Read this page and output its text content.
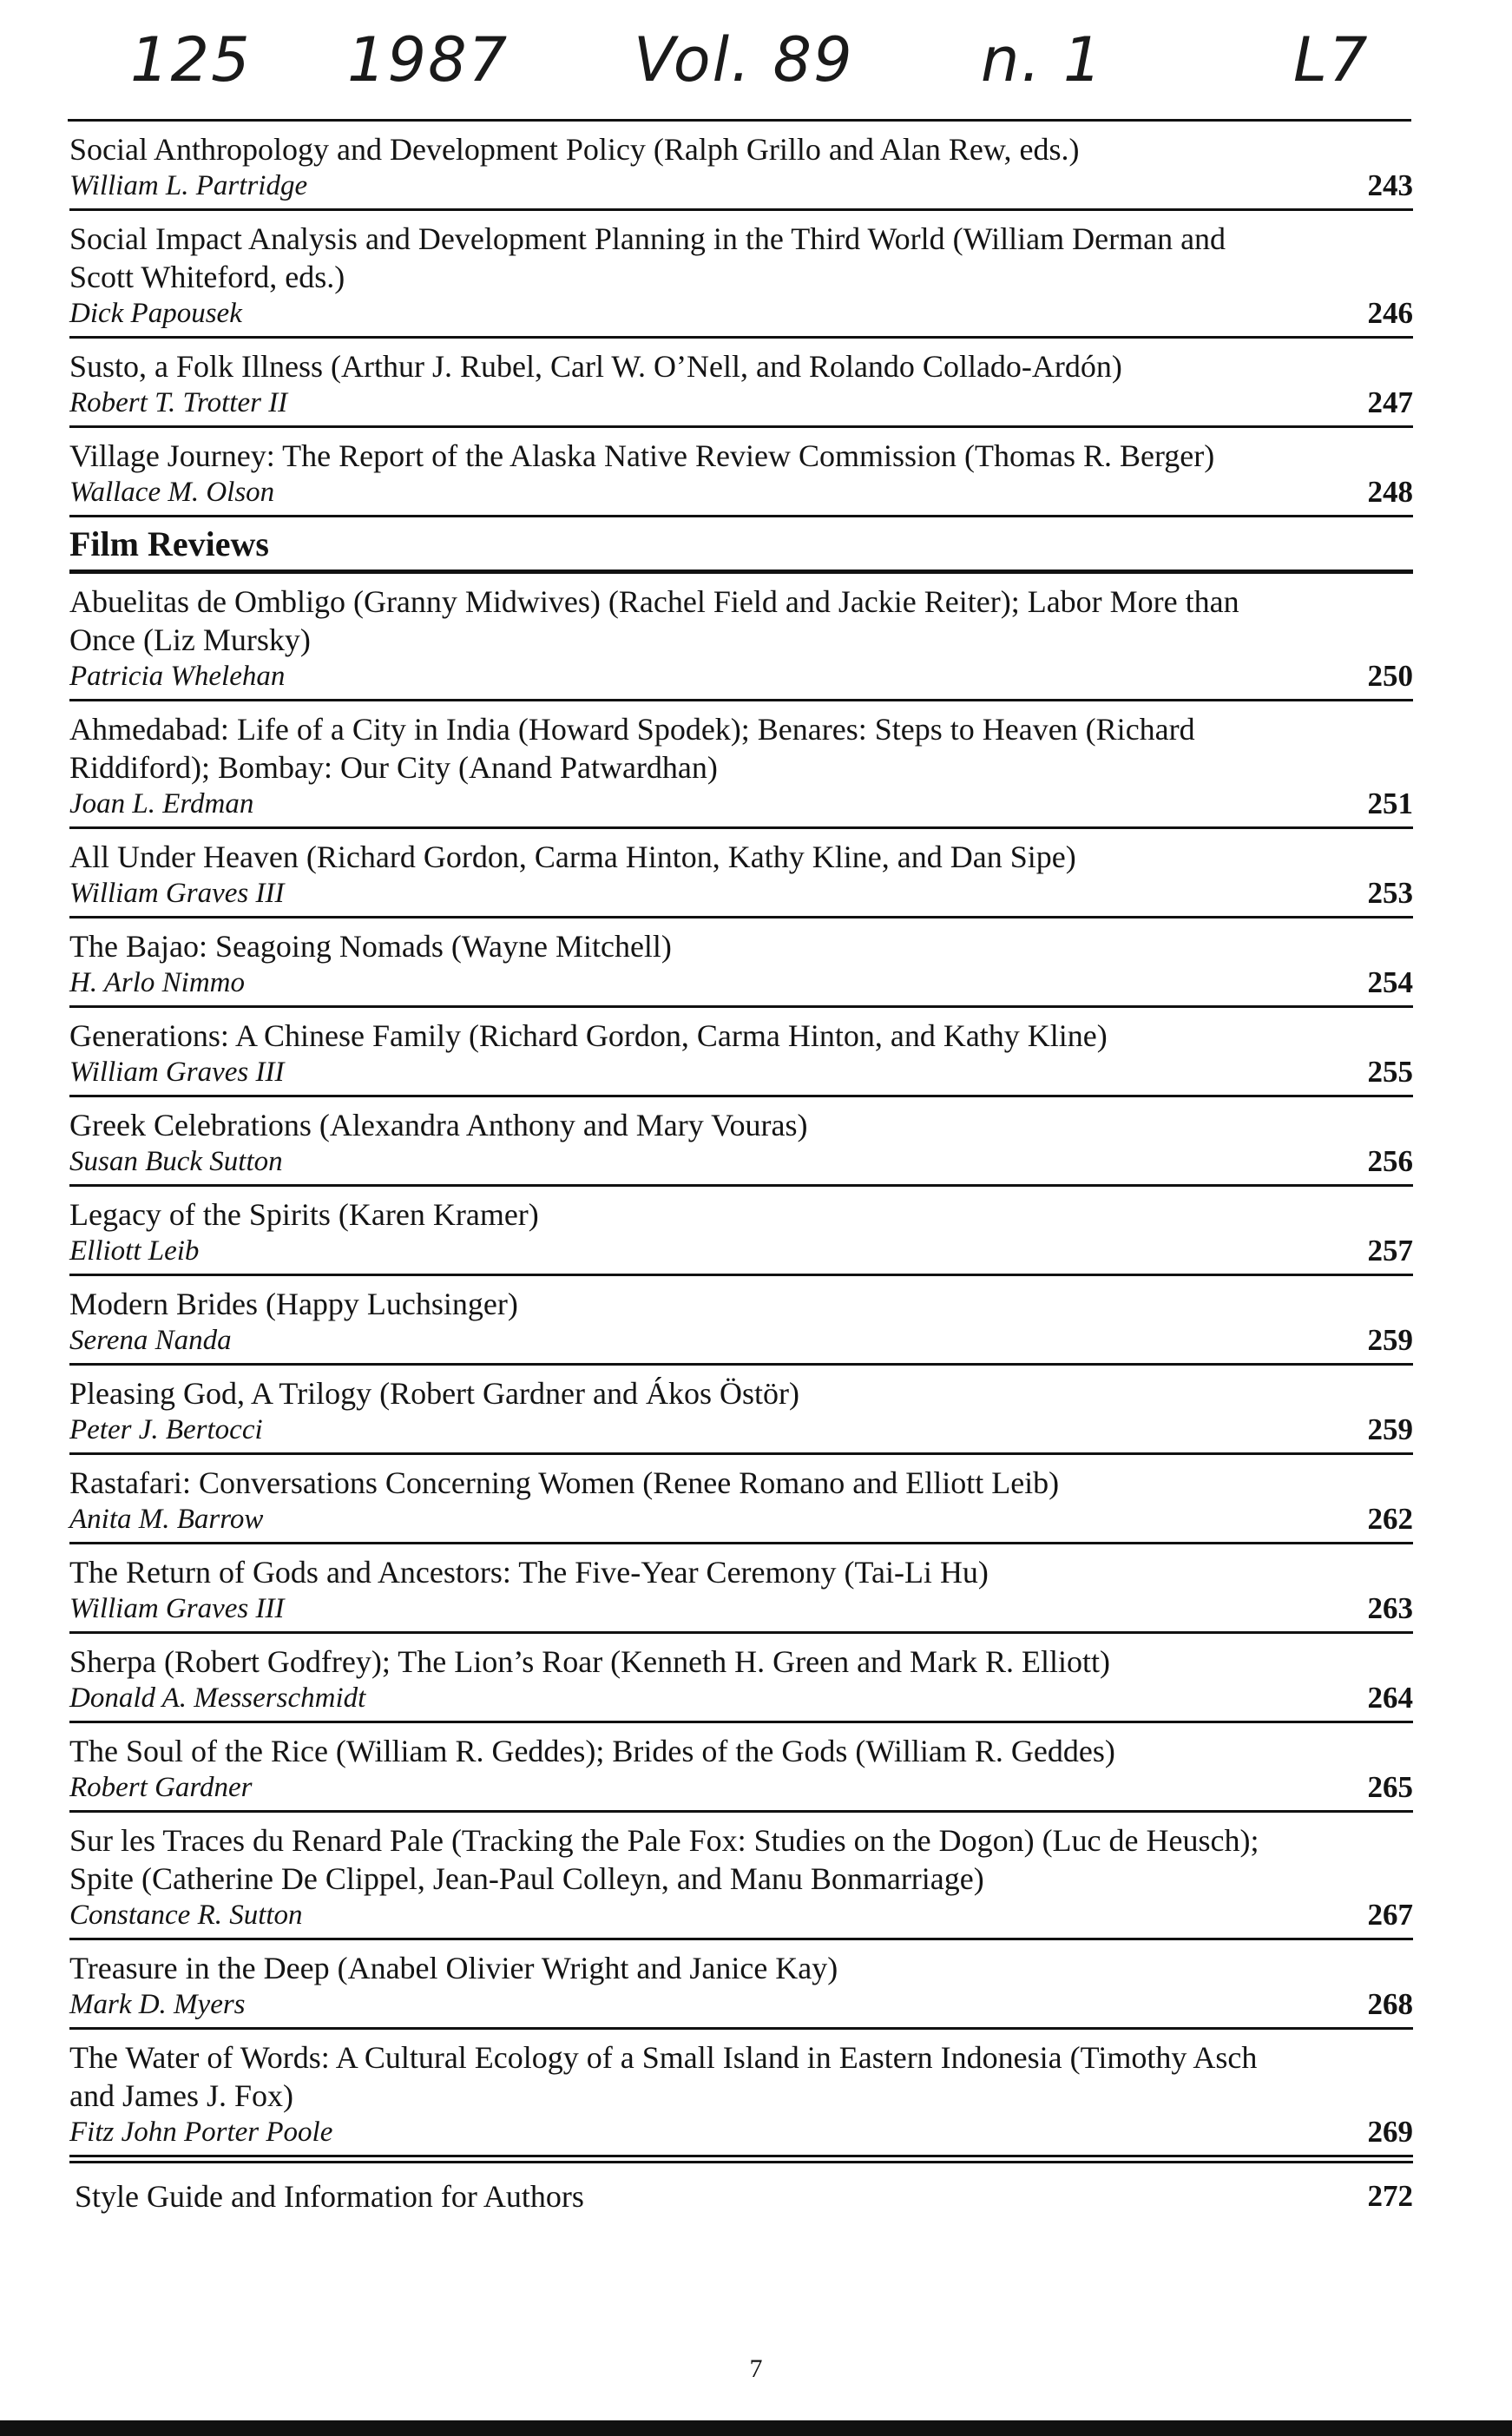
125 1987 Vol. 89 n. 1	L7
Social Anthropology and Development Policy (Ralph Grillo and Alan Rew, eds.)
William L. Partridge	243
Social Impact Analysis and Development Planning in the Third World (William Derman and Scott Whiteford, eds.)
Dick Papousek	246
Susto, a Folk Illness (Arthur J. Rubel, Carl W. O’Nell, and Rolando Collado-Ardón)
Robert T. Trotter II	247
Village Journey: The Report of the Alaska Native Review Commission (Thomas R. Berger)
Wallace M. Olson	248
Film Reviews
Abuelitas de Ombligo (Granny Midwives) (Rachel Field and Jackie Reiter); Labor More than Once (Liz Mursky)
Patricia Whelehan	250
Ahmedabad: Life of a City in India (Howard Spodek); Benares: Steps to Heaven (Richard Riddiford); Bombay: Our City (Anand Patwardhan)
Joan L. Erdman	251
All Under Heaven (Richard Gordon, Carma Hinton, Kathy Kline, and Dan Sipe)
William Graves III	253
The Bajao: Seagoing Nomads (Wayne Mitchell)
H. Arlo Nimmo	254
Generations: A Chinese Family (Richard Gordon, Carma Hinton, and Kathy Kline)
William Graves III	255
Greek Celebrations (Alexandra Anthony and Mary Vouras)
Susan Buck Sutton	256
Legacy of the Spirits (Karen Kramer)
Elliott Leib	257
Modern Brides (Happy Luchsinger)
Serena Nanda	259
Pleasing God, A Trilogy (Robert Gardner and Ákos Östör)
Peter J. Bertocci	259
Rastafari: Conversations Concerning Women (Renee Romano and Elliott Leib)
Anita M. Barrow	262
The Return of Gods and Ancestors: The Five-Year Ceremony (Tai-Li Hu)
William Graves III	263
Sherpa (Robert Godfrey); The Lion’s Roar (Kenneth H. Green and Mark R. Elliott)
Donald A. Messerschmidt	264
The Soul of the Rice (William R. Geddes); Brides of the Gods (William R. Geddes)
Robert Gardner	265
Sur les Traces du Renard Pale (Tracking the Pale Fox: Studies on the Dogon) (Luc de Heusch); Spite (Catherine De Clippel, Jean-Paul Colleyn, and Manu Bonmarriage)
Constance R. Sutton	267
Treasure in the Deep (Anabel Olivier Wright and Janice Kay)
Mark D. Myers	268
The Water of Words: A Cultural Ecology of a Small Island in Eastern Indonesia (Timothy Asch and James J. Fox)
Fitz John Porter Poole	269
Style Guide and Information for Authors	272
7
